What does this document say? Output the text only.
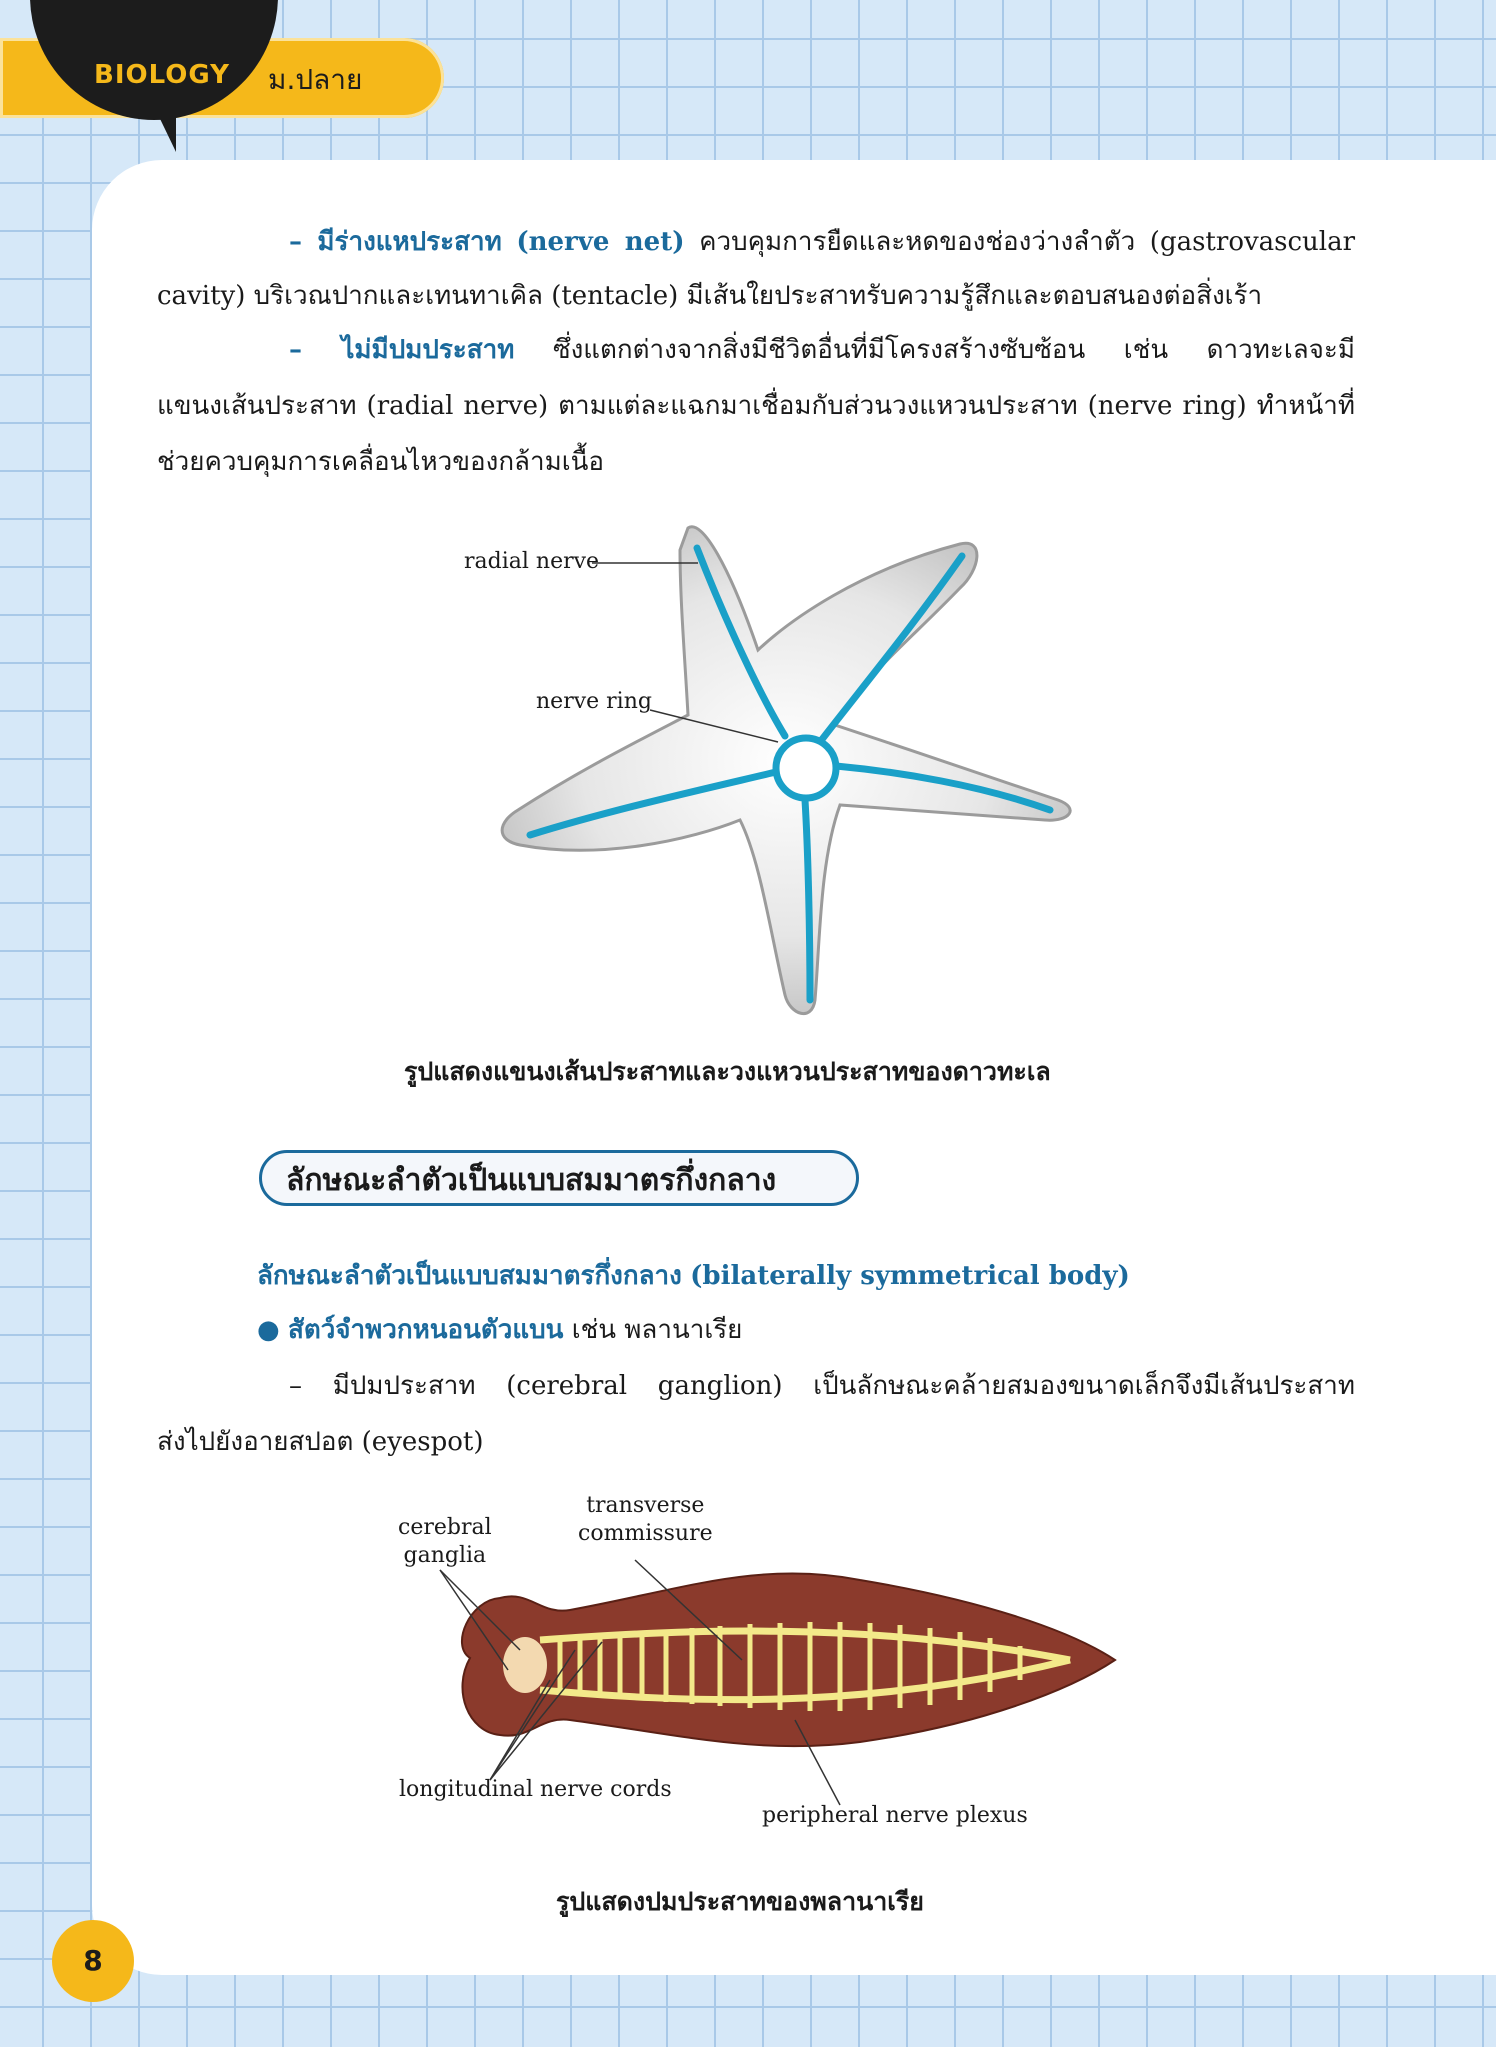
BIOLOGY ม.ปลาย
– มีร่างแหประสาท (nerve net) ควบคุมการยืดและหดของช่องว่างลำตัว (gastrovascular
cavity) บริเวณปากและเทนทาเคิล (tentacle) มีเส้นใยประสาทรับความรู้สึกและตอบสนองต่อสิ่งเร้า
– ไม่มีปมประสาท ซึ่งแตกต่างจากสิ่งมีชีวิตอื่นที่มีโครงสร้างซับซ้อน เช่น ดาวทะเลจะมี
แขนงเส้นประสาท (radial nerve) ตามแต่ละแฉกมาเชื่อมกับส่วนวงแหวนประสาท (nerve ring) ทำหน้าที่
ช่วยควบคุมการเคลื่อนไหวของกล้ามเนื้อ
radial nerve
nerve ring
รูปแสดงแขนงเส้นประสาทและวงแหวนประสาทของดาวทะเล
ลักษณะลำตัวเป็นแบบสมมาตรกึ่งกลาง
ลักษณะลำตัวเป็นแบบสมมาตรกึ่งกลาง (bilaterally symmetrical body)
● สัตว์จำพวกหนอนตัวแบน เช่น พลานาเรีย
– มีปมประสาท (cerebral ganglion) เป็นลักษณะคล้ายสมองขนาดเล็กจึงมีเส้นประสาท
ส่งไปยังอายสปอต (eyespot)
cerebral
ganglia
transverse
commissure
longitudinal nerve cords
peripheral nerve plexus
รูปแสดงปมประสาทของพลานาเรีย
8
